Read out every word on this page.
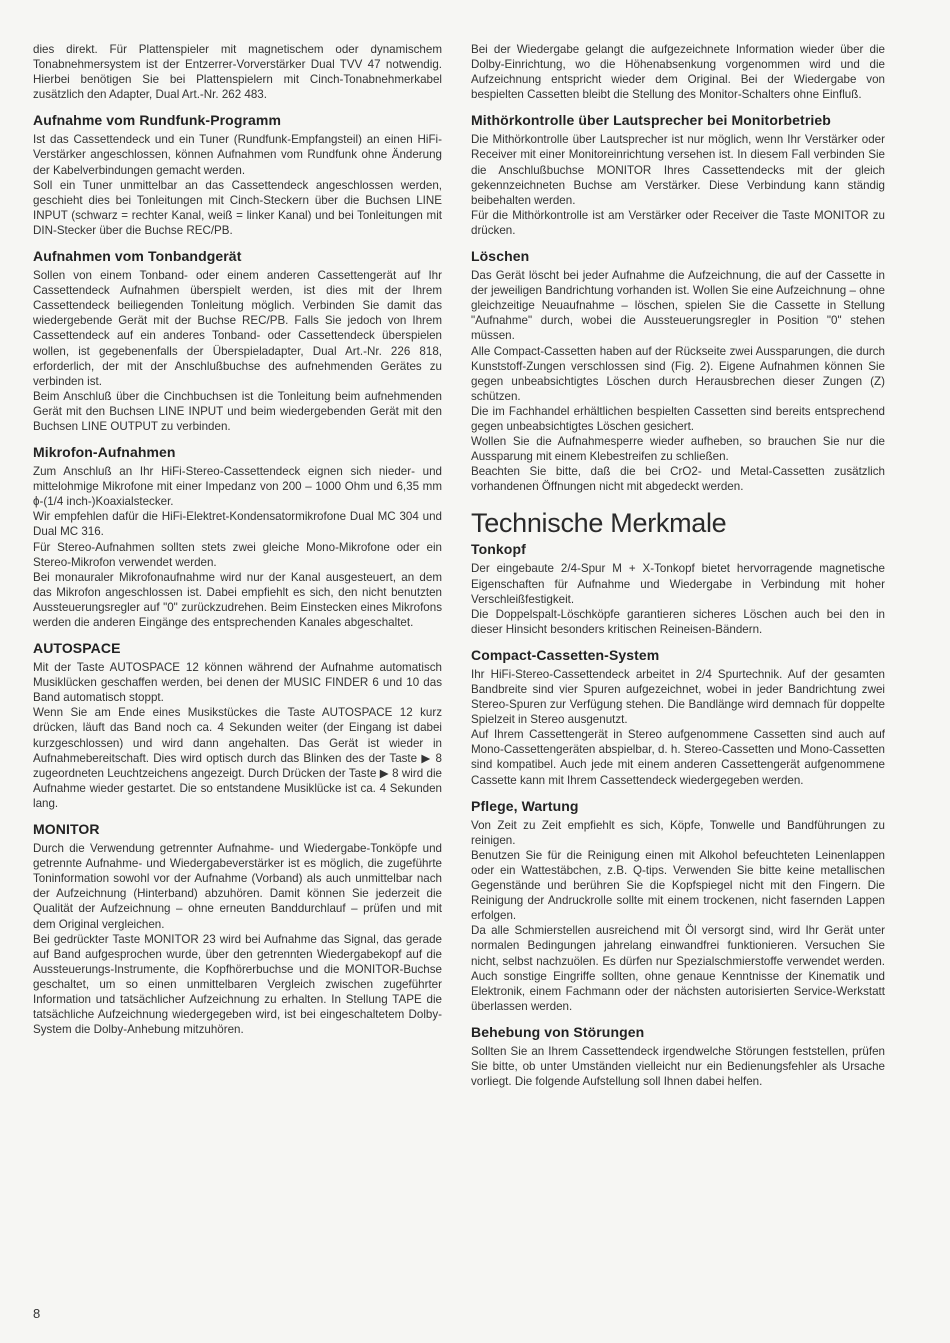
dies direkt. Für Plattenspieler mit magnetischem oder dynamischem Tonabnehmersystem ist der Entzerrer-Vorverstärker Dual TVV 47 notwendig. Hierbei benötigen Sie bei Plattenspielern mit Cinch-Tonabnehmerkabel zusätzlich den Adapter, Dual Art.-Nr. 262 483.

Aufnahme vom Rundfunk-Programm

Ist das Cassettendeck und ein Tuner (Rundfunk-Empfangsteil) an einen HiFi-Verstärker angeschlossen, können Aufnahmen vom Rundfunk ohne Änderung der Kabelverbindungen gemacht werden.

Soll ein Tuner unmittelbar an das Cassettendeck angeschlossen werden, geschieht dies bei Tonleitungen mit Cinch-Steckern über die Buchsen LINE INPUT (schwarz = rechter Kanal, weiß = linker Kanal) und bei Tonleitungen mit DIN-Stecker über die Buchse REC/PB.

Aufnahmen vom Tonbandgerät

Sollen von einem Tonband- oder einem anderen Cassettengerät auf Ihr Cassettendeck Aufnahmen überspielt werden, ist dies mit der Ihrem Cassettendeck beiliegenden Tonleitung möglich. Verbinden Sie damit das wiedergebende Gerät mit der Buchse REC/PB. Falls Sie jedoch von Ihrem Cassettendeck auf ein anderes Tonband- oder Cassettendeck überspielen wollen, ist gegebenenfalls der Überspieladapter, Dual Art.-Nr. 226 818, erforderlich, der mit der Anschlußbuchse des aufnehmenden Gerätes zu verbinden ist.

Beim Anschluß über die Cinchbuchsen ist die Tonleitung beim aufnehmenden Gerät mit den Buchsen LINE INPUT und beim wiedergebenden Gerät mit den Buchsen LINE OUTPUT zu verbinden.

Mikrofon-Aufnahmen

Zum Anschluß an Ihr HiFi-Stereo-Cassettendeck eignen sich nieder- und mittelohmige Mikrofone mit einer Impedanz von 200 – 1000 Ohm und 6,35 mm ϕ-(1/4 inch-)Koaxialstecker.

Wir empfehlen dafür die HiFi-Elektret-Kondensatormikrofone Dual MC 304 und Dual MC 316.

Für Stereo-Aufnahmen sollten stets zwei gleiche Mono-Mikrofone oder ein Stereo-Mikrofon verwendet werden.

Bei monauraler Mikrofonaufnahme wird nur der Kanal ausgesteuert, an dem das Mikrofon angeschlossen ist. Dabei empfiehlt es sich, den nicht benutzten Aussteuerungsregler auf "0" zurückzudrehen. Beim Einstecken eines Mikrofons werden die anderen Eingänge des entsprechenden Kanales abgeschaltet.

AUTOSPACE

Mit der Taste AUTOSPACE 12 können während der Aufnahme automatisch Musiklücken geschaffen werden, bei denen der MUSIC FINDER 6 und 10 das Band automatisch stoppt.

Wenn Sie am Ende eines Musikstückes die Taste AUTOSPACE 12 kurz drücken, läuft das Band noch ca. 4 Sekunden weiter (der Eingang ist dabei kurzgeschlossen) und wird dann angehalten. Das Gerät ist wieder in Aufnahmebereitschaft. Dies wird optisch durch das Blinken des der Taste ▶ 8 zugeordneten Leuchtzeichens angezeigt. Durch Drücken der Taste ▶ 8 wird die Aufnahme wieder gestartet. Die so entstandene Musiklücke ist ca. 4 Sekunden lang.

MONITOR

Durch die Verwendung getrennter Aufnahme- und Wiedergabe-Tonköpfe und getrennte Aufnahme- und Wiedergabeverstärker ist es möglich, die zugeführte Toninformation sowohl vor der Aufnahme (Vorband) als auch unmittelbar nach der Aufzeichnung (Hinterband) abzuhören. Damit können Sie jederzeit die Qualität der Aufzeichnung – ohne erneuten Banddurchlauf – prüfen und mit dem Original vergleichen.

Bei gedrückter Taste MONITOR 23 wird bei Aufnahme das Signal, das gerade auf Band aufgesprochen wurde, über den getrennten Wiedergabekopf auf die Aussteuerungs-Instrumente, die Kopfhörerbuchse und die MONITOR-Buchse geschaltet, um so einen unmittelbaren Vergleich zwischen zugeführter Information und tatsächlicher Aufzeichnung zu erhalten. In Stellung TAPE die tatsächliche Aufzeichnung wiedergegeben wird, ist bei eingeschaltetem Dolby-System die Dolby-Anhebung mitzuhören.

Bei der Wiedergabe gelangt die aufgezeichnete Information wieder über die Dolby-Einrichtung, wo die Höhenabsenkung vorgenommen wird und die Aufzeichnung entspricht wieder dem Original. Bei der Wiedergabe von bespielten Cassetten bleibt die Stellung des Monitor-Schalters ohne Einfluß.

Mithörkontrolle über Lautsprecher bei Monitorbetrieb

Die Mithörkontrolle über Lautsprecher ist nur möglich, wenn Ihr Verstärker oder Receiver mit einer Monitoreinrichtung versehen ist. In diesem Fall verbinden Sie die Anschlußbuchse MONITOR Ihres Cassettendecks mit der gleich gekennzeichneten Buchse am Verstärker. Diese Verbindung kann ständig beibehalten werden.

Für die Mithörkontrolle ist am Verstärker oder Receiver die Taste MONITOR zu drücken.

Löschen

Das Gerät löscht bei jeder Aufnahme die Aufzeichnung, die auf der Cassette in der jeweiligen Bandrichtung vorhanden ist. Wollen Sie eine Aufzeichnung – ohne gleichzeitige Neuaufnahme – löschen, spielen Sie die Cassette in Stellung "Aufnahme" durch, wobei die Aussteuerungsregler in Position "0" stehen müssen.

Alle Compact-Cassetten haben auf der Rückseite zwei Aussparungen, die durch Kunststoff-Zungen verschlossen sind (Fig. 2). Eigene Aufnahmen können Sie gegen unbeabsichtigtes Löschen durch Herausbrechen dieser Zungen (Z) schützen.

Die im Fachhandel erhältlichen bespielten Cassetten sind bereits entsprechend gegen unbeabsichtigtes Löschen gesichert.

Wollen Sie die Aufnahmesperre wieder aufheben, so brauchen Sie nur die Aussparung mit einem Klebestreifen zu schließen.

Beachten Sie bitte, daß die bei CrO2- und Metal-Cassetten zusätzlich vorhandenen Öffnungen nicht mit abgedeckt werden.

Technische Merkmale
Tonkopf

Der eingebaute 2/4-Spur M + X-Tonkopf bietet hervorragende magnetische Eigenschaften für Aufnahme und Wiedergabe in Verbindung mit hoher Verschleißfestigkeit.

Die Doppelspalt-Löschköpfe garantieren sicheres Löschen auch bei den in dieser Hinsicht besonders kritischen Reineisen-Bändern.

Compact-Cassetten-System

Ihr HiFi-Stereo-Cassettendeck arbeitet in 2/4 Spurtechnik. Auf der gesamten Bandbreite sind vier Spuren aufgezeichnet, wobei in jeder Bandrichtung zwei Stereo-Spuren zur Verfügung stehen. Die Bandlänge wird demnach für doppelte Spielzeit in Stereo ausgenutzt.

Auf Ihrem Cassettengerät in Stereo aufgenommene Cassetten sind auch auf Mono-Cassettengeräten abspielbar, d. h. Stereo-Cassetten und Mono-Cassetten sind kompatibel. Auch jede mit einem anderen Cassettengerät aufgenommene Cassette kann mit Ihrem Cassettendeck wiedergegeben werden.

Pflege, Wartung

Von Zeit zu Zeit empfiehlt es sich, Köpfe, Tonwelle und Bandführungen zu reinigen.

Benutzen Sie für die Reinigung einen mit Alkohol befeuchteten Leinenlappen oder ein Wattestäbchen, z.B. Q-tips. Verwenden Sie bitte keine metallischen Gegenstände und berühren Sie die Kopfspiegel nicht mit den Fingern. Die Reinigung der Andruckrolle sollte mit einem trockenen, nicht fasernden Lappen erfolgen.

Da alle Schmierstellen ausreichend mit Öl versorgt sind, wird Ihr Gerät unter normalen Bedingungen jahrelang einwandfrei funktionieren. Versuchen Sie nicht, selbst nachzuölen. Es dürfen nur Spezialschmierstoffe verwendet werden. Auch sonstige Eingriffe sollten, ohne genaue Kenntnisse der Kinematik und Elektronik, einem Fachmann oder der nächsten autorisierten Service-Werkstatt überlassen werden.

Behebung von Störungen

Sollten Sie an Ihrem Cassettendeck irgendwelche Störungen feststellen, prüfen Sie bitte, ob unter Umständen vielleicht nur ein Bedienungsfehler als Ursache vorliegt. Die folgende Aufstellung soll Ihnen dabei helfen.

8
